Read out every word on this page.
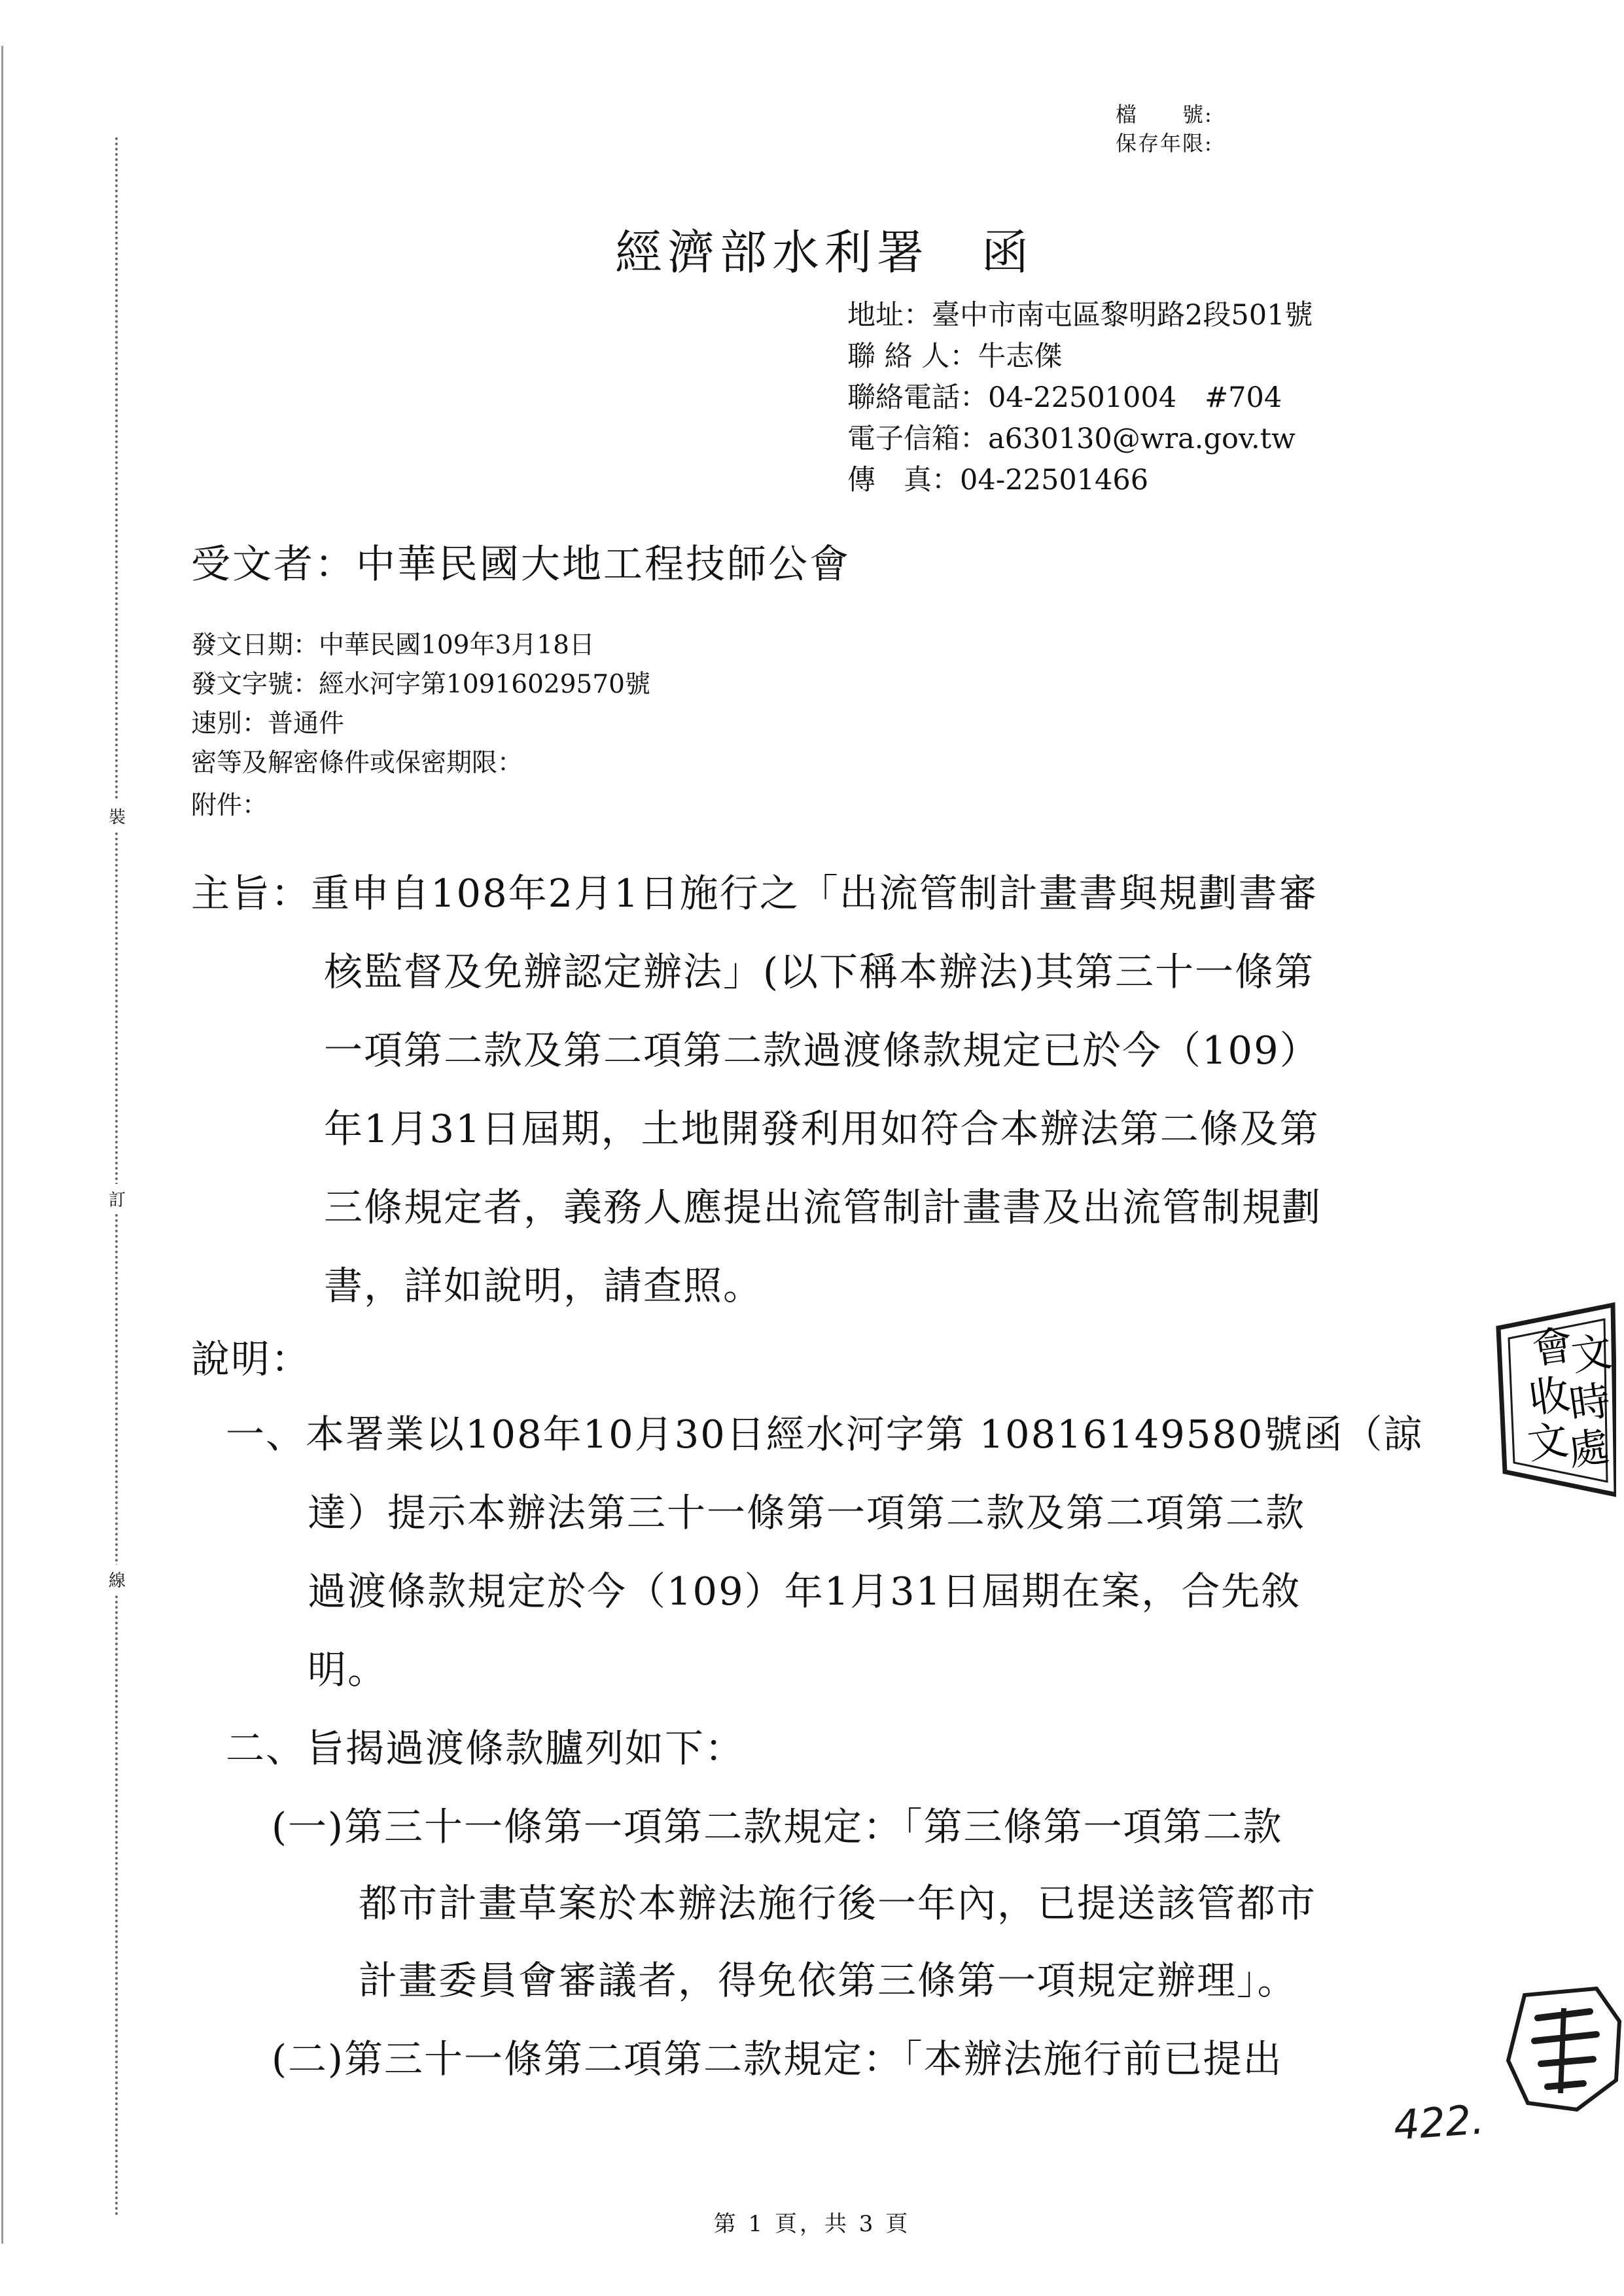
裝
訂
線
檔　　號:
保存年限:
經濟部水利署　函
地址：臺中市南屯區黎明路2段501號
聯 絡 人：牛志傑
聯絡電話：04-22501004　#704
電子信箱：a630130@wra.gov.tw
傳　真：04-22501466
受文者：中華民國大地工程技師公會
發文日期：中華民國109年3月18日
發文字號：經水河字第10916029570號
速別：普通件
密等及解密條件或保密期限：
附件：
主旨：重申自108年2月1日施行之「出流管制計畫書與規劃書審
核監督及免辦認定辦法」(以下稱本辦法)其第三十一條第
一項第二款及第二項第二款過渡條款規定已於今（109）
年1月31日屆期，土地開發利用如符合本辦法第二條及第
三條規定者，義務人應提出流管制計畫書及出流管制規劃
書，詳如說明，請查照。
說明：
一、本署業以108年10月30日經水河字第 10816149580號函（諒
達）提示本辦法第三十一條第一項第二款及第二項第二款
過渡條款規定於今（109）年1月31日屆期在案，合先敘
明。
二、旨揭過渡條款臚列如下：
(一)第三十一條第一項第二款規定：「第三條第一項第二款
都市計畫草案於本辦法施行後一年內，已提送該管都市
計畫委員會審議者，得免依第三條第一項規定辦理」。
(二)第三十一條第二項第二款規定：「本辦法施行前已提出
會
文
收
時
文
處
422.
第 1 頁，共 3 頁
